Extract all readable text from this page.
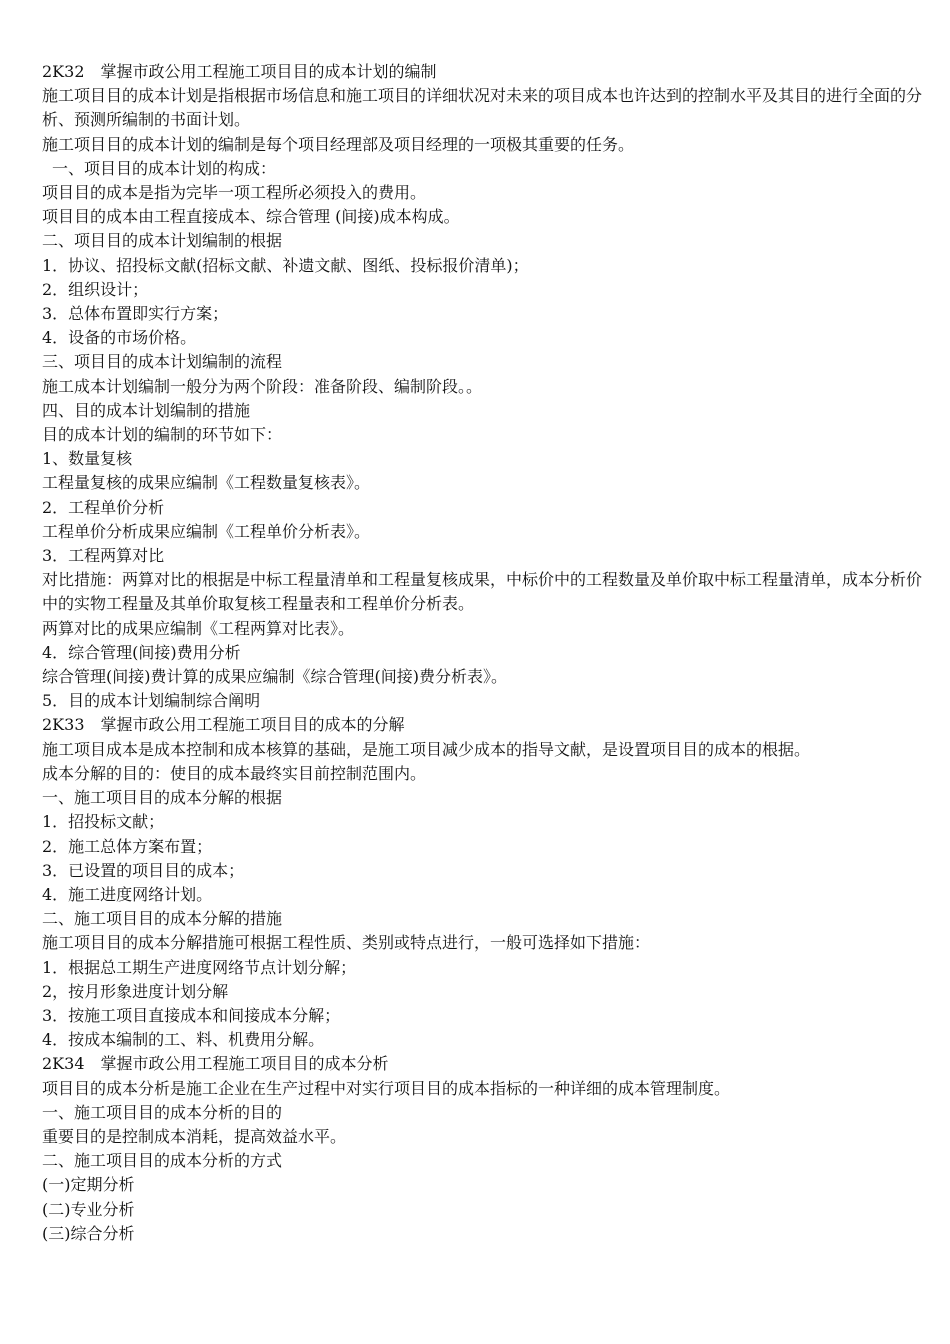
2K32　掌握市政公用工程施工项目目的成本计划的编制

施工项目目的成本计划是指根据市场信息和施工项目的详细状况对未来的项目成本也许达到的控制水平及其目的进行全面的分析、预测所编制的书面计划。

施工项目目的成本计划的编制是每个项目经理部及项目经理的一项极其重要的任务。

一、项目目的成本计划的构成：

项目目的成本是指为完毕一项工程所必须投入的费用。

项目目的成本由工程直接成本、综合管理 (间接)成本构成。

二、项目目的成本计划编制的根据

1．协议、招投标文献(招标文献、补遗文献、图纸、投标报价清单)；

2．组织设计；

3．总体布置即实行方案；

4．设备的市场价格。

三、项目目的成本计划编制的流程

施工成本计划编制一般分为两个阶段：准备阶段、编制阶段。。

四、目的成本计划编制的措施

目的成本计划的编制的环节如下：

1、数量复核

工程量复核的成果应编制《工程数量复核表》。

2．工程单价分析

工程单价分析成果应编制《工程单价分析表》。

3．工程两算对比

对比措施：两算对比的根据是中标工程量清单和工程量复核成果，中标价中的工程数量及单价取中标工程量清单，成本分析价中的实物工程量及其单价取复核工程量表和工程单价分析表。

两算对比的成果应编制《工程两算对比表》。

4．综合管理(间接)费用分析

综合管理(间接)费计算的成果应编制《综合管理(间接)费分析表》。

5．目的成本计划编制综合阐明

2K33　掌握市政公用工程施工项目目的成本的分解

施工项目成本是成本控制和成本核算的基础，是施工项目减少成本的指导文献，是设置项目目的成本的根据。

成本分解的目的：使目的成本最终实目前控制范围内。

一、施工项目目的成本分解的根据

1．招投标文献；

2．施工总体方案布置；

3．已设置的项目目的成本；

4．施工进度网络计划。

二、施工项目目的成本分解的措施

施工项目目的成本分解措施可根据工程性质、类别或特点进行，一般可选择如下措施：

1．根据总工期生产进度网络节点计划分解；

2，按月形象进度计划分解

3．按施工项目直接成本和间接成本分解；

4．按成本编制的工、料、机费用分解。

2K34　掌握市政公用工程施工项目目的成本分析

项目目的成本分析是施工企业在生产过程中对实行项目目的成本指标的一种详细的成本管理制度。

一、施工项目目的成本分析的目的

重要目的是控制成本消耗，提高效益水平。

二、施工项目目的成本分析的方式

(一)定期分析

(二)专业分析

(三)综合分析
